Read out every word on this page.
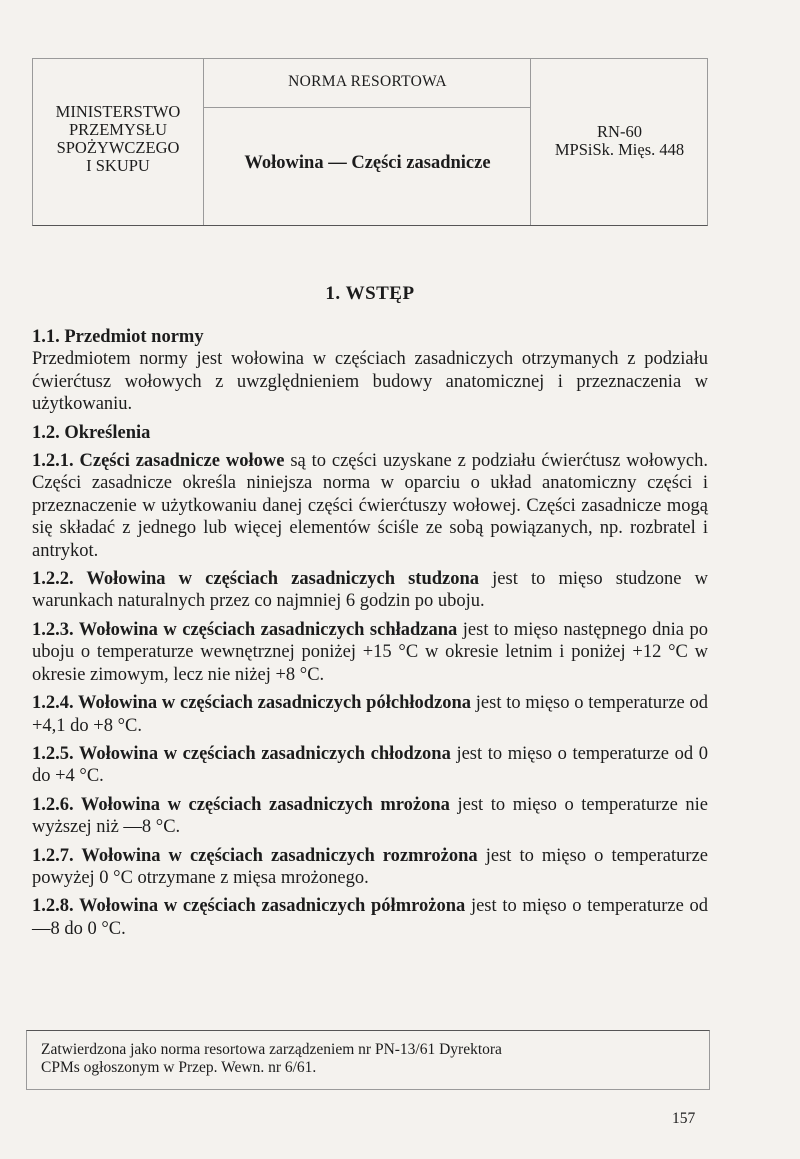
MINISTERSTWO
PRZEMYSŁU
SPOŻYWCZEGO
I SKUPU
NORMA RESORTOWA
Wołowina — Części zasadnicze
RN-60
MPSiSk. Mięs. 448
1. WSTĘP

1.1. Przedmiot normy

Przedmiotem normy jest wołowina w częściach zasadniczych otrzymanych z podziału ćwierćtusz wołowych z uwzględnieniem budowy anatomicznej i przeznaczenia w użytkowaniu.

1.2. Określenia

1.2.1. Części zasadnicze wołowe są to części uzyskane z podziału ćwierćtusz wołowych. Części zasadnicze określa niniejsza norma w oparciu o układ anatomiczny części i przeznaczenie w użytkowaniu danej części ćwierćtuszy wołowej. Części zasadnicze mogą się składać z jednego lub więcej elementów ściśle ze sobą powiązanych, np. rozbratel i antrykot.

1.2.2. Wołowina w częściach zasadniczych studzona jest to mięso studzone w warunkach naturalnych przez co najmniej 6 godzin po uboju.

1.2.3. Wołowina w częściach zasadniczych schładzana jest to mięso następnego dnia po uboju o temperaturze wewnętrznej poniżej +15 °C w okresie letnim i poniżej +12 °C w okresie zimowym, lecz nie niżej +8 °C.

1.2.4. Wołowina w częściach zasadniczych półchłodzona jest to mięso o temperaturze od +4,1 do +8 °C.

1.2.5. Wołowina w częściach zasadniczych chłodzona jest to mięso o temperaturze od 0 do +4 °C.

1.2.6. Wołowina w częściach zasadniczych mrożona jest to mięso o temperaturze nie wyższej niż —8 °C.

1.2.7. Wołowina w częściach zasadniczych rozmrożona jest to mięso o temperaturze powyżej 0 °C otrzymane z mięsa mrożonego.

1.2.8. Wołowina w częściach zasadniczych półmrożona jest to mięso o temperaturze od —8 do 0 °C.

Zatwierdzona jako norma resortowa zarządzeniem nr PN-13/61 Dyrektora
CPMs ogłoszonym w Przep. Wewn. nr 6/61.
157
